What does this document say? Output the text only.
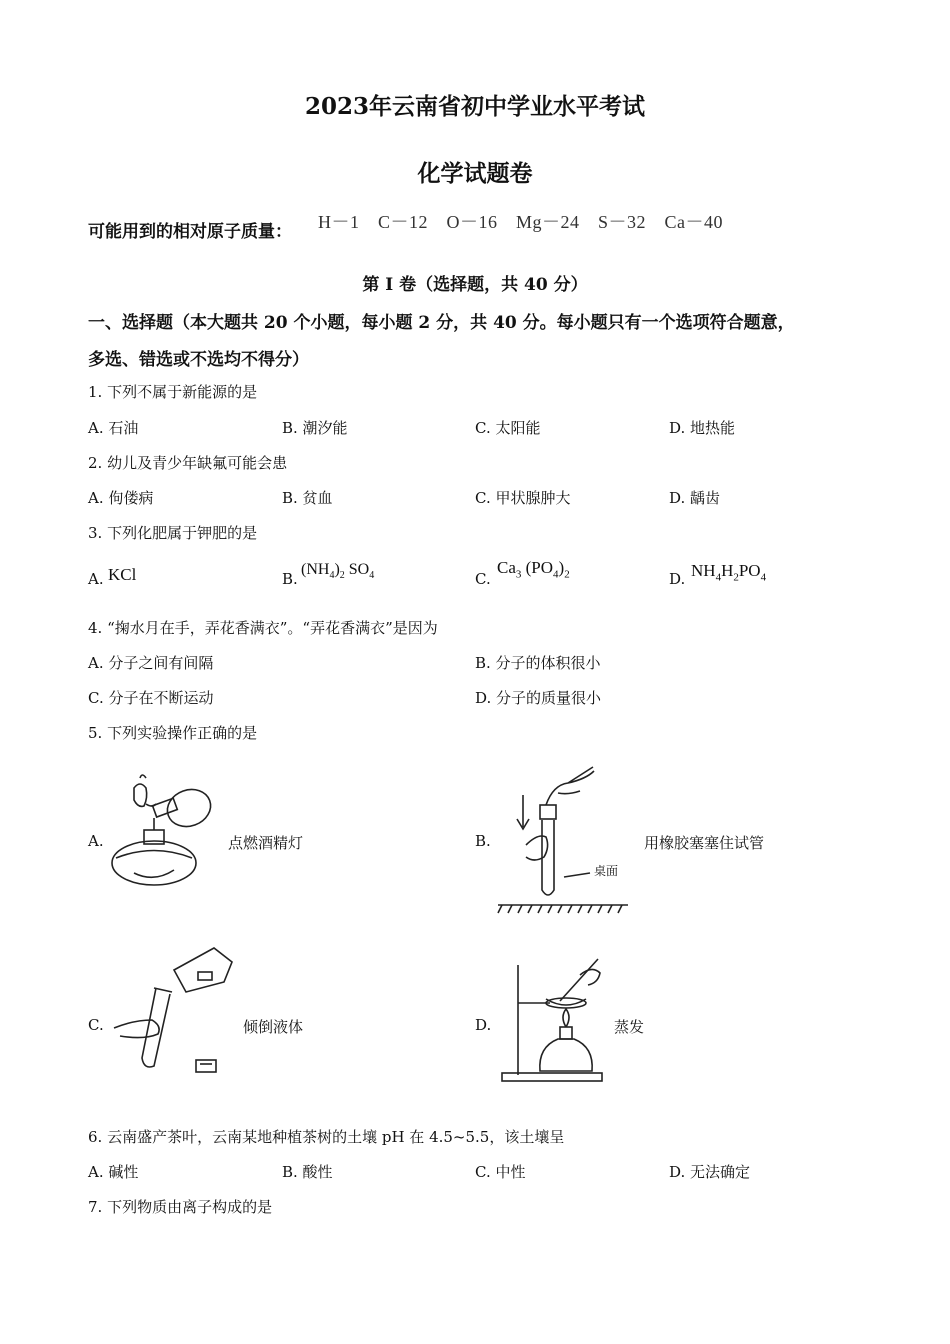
2023年云南省初中学业水平考试
化学试题卷
可能用到的相对原子质量： H－1　C－12　O－16　Mg－24　S－32　Ca－40
第 I 卷（选择题，共 40 分）
一、选择题（本大题共 20 个小题，每小题 2 分，共 40 分。每小题只有一个选项符合题意，
多选、错选或不选均不得分）
1. 下列不属于新能源的是
A. 石油	B. 潮汐能	C. 太阳能	D. 地热能
2. 幼儿及青少年缺氟可能会患
A. 佝偻病	B. 贫血	C. 甲状腺肿大	D. 龋齿
3. 下列化肥属于钾肥的是
A. KCl	B.
$(NH_4)_2$ $SO_4$	C.
$Ca_3$ $(PO_4)_2$	D. $NH_4H_2PO_4$
4. “掬水月在手，弄花香满衣”。“弄花香满衣”是因为
A. 分子之间有间隔	B. 分子的体积很小
C. 分子在不断运动	D. 分子的质量很小
5. 下列实验操作正确的是
A.	点燃酒精灯	B.
桌面
用橡胶塞塞住试管
C.	倾倒液体	D.	蒸发
6. 云南盛产茶叶，云南某地种植茶树的土壤 pH 在 4.5~5.5，该土壤呈
A. 碱性	B. 酸性	C. 中性	D. 无法确定
7. 下列物质由离子构成的是
